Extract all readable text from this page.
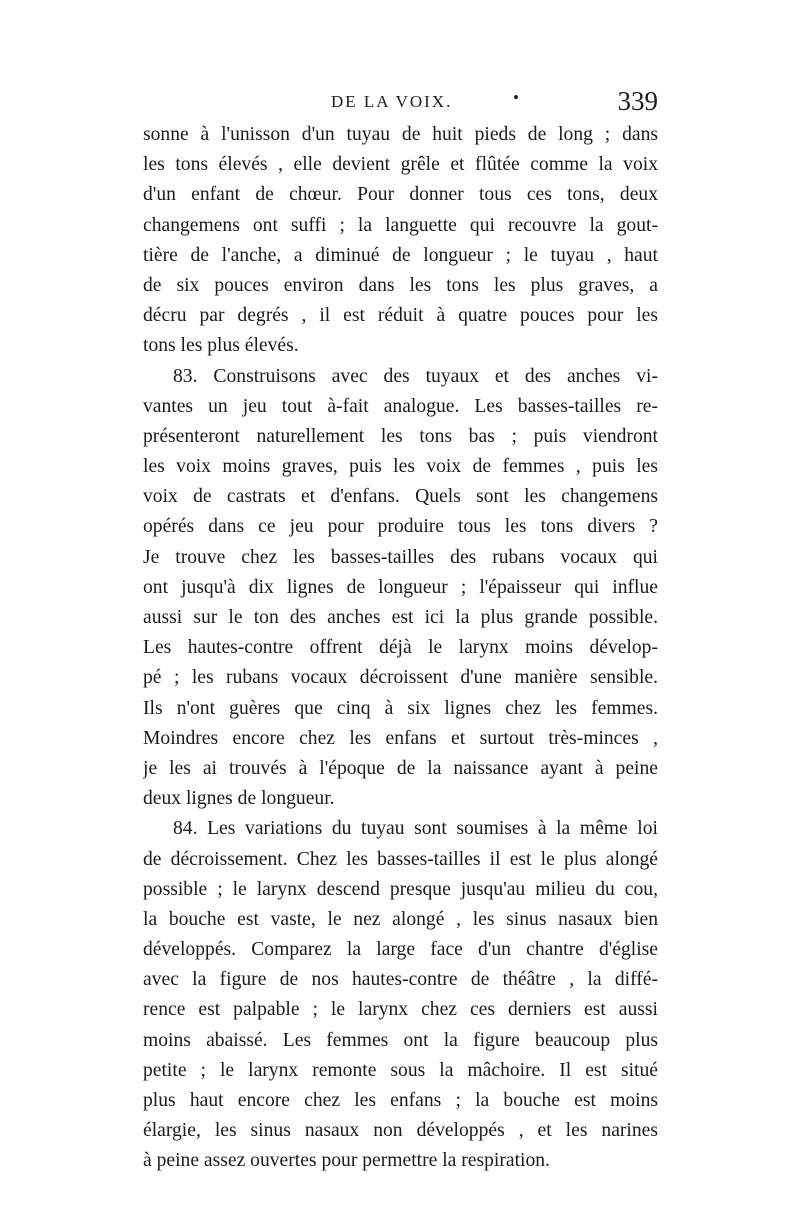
DE LA VOIX.	•	339
sonne à l'unisson d'un tuyau de huit pieds de long ; dans
les tons élevés , elle devient grêle et flûtée comme la voix
d'un enfant de chœur. Pour donner tous ces tons, deux
changemens ont suffi ; la languette qui recouvre la gout-
tière de l'anche, a diminué de longueur ; le tuyau , haut
de six pouces environ dans les tons les plus graves, a
décru par degrés , il est réduit à quatre pouces pour les
tons les plus élevés.
83. Construisons avec des tuyaux et des anches vi-
vantes un jeu tout à-fait analogue. Les basses-tailles re-
présenteront naturellement les tons bas ; puis viendront
les voix moins graves, puis les voix de femmes , puis les
voix de castrats et d'enfans. Quels sont les changemens
opérés dans ce jeu pour produire tous les tons divers ?
Je trouve chez les basses-tailles des rubans vocaux qui
ont jusqu'à dix lignes de longueur ; l'épaisseur qui influe
aussi sur le ton des anches est ici la plus grande possible.
Les hautes-contre offrent déjà le larynx moins dévelop-
pé ; les rubans vocaux décroissent d'une manière sensible.
Ils n'ont guères que cinq à six lignes chez les femmes.
Moindres encore chez les enfans et surtout très-minces ,
je les ai trouvés à l'époque de la naissance ayant à peine
deux lignes de longueur.
84. Les variations du tuyau sont soumises à la même loi
de décroissement. Chez les basses-tailles il est le plus alongé
possible ; le larynx descend presque jusqu'au milieu du cou,
la bouche est vaste, le nez alongé , les sinus nasaux bien
développés. Comparez la large face d'un chantre d'église
avec la figure de nos hautes-contre de théâtre , la diffé-
rence est palpable ; le larynx chez ces derniers est aussi
moins abaissé. Les femmes ont la figure beaucoup plus
petite ; le larynx remonte sous la mâchoire. Il est situé
plus haut encore chez les enfans ; la bouche est moins
élargie, les sinus nasaux non développés , et les narines
à peine assez ouvertes pour permettre la respiration.
